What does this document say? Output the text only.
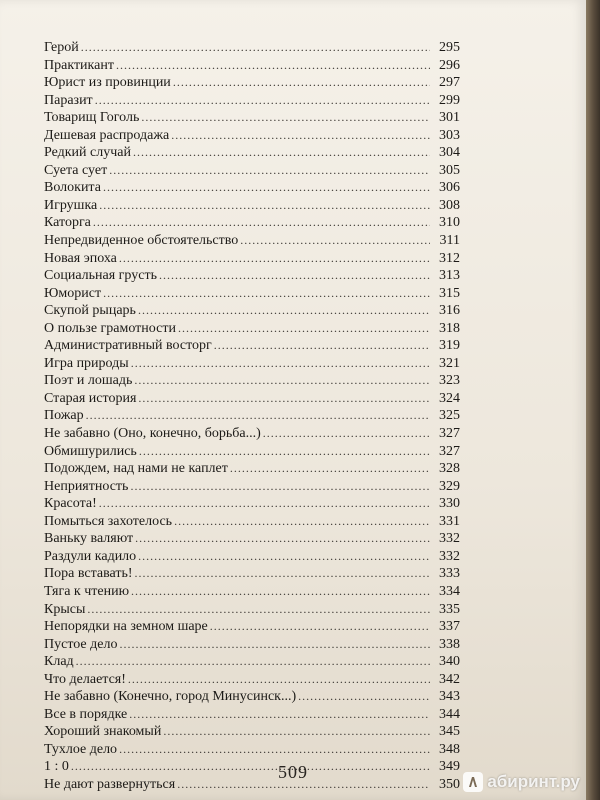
Герой .....	295
Практикант .....	296
Юрист из провинции .....	297
Паразит .....	299
Товарищ Гоголь .....	301
Дешевая распродажа .....	303
Редкий случай .....	304
Суета сует .....	305
Волокита .....	306
Игрушка .....	308
Каторга .....	310
Непредвиденное обстоятельство .....	311
Новая эпоха .....	312
Социальная грусть .....	313
Юморист .....	315
Скупой рыцарь .....	316
О пользе грамотности .....	318
Административный восторг .....	319
Игра природы .....	321
Поэт и лошадь .....	323
Старая история .....	324
Пожар .....	325
Не забавно (Оно, конечно, борьба...) .....	327
Обмишурились .....	327
Подождем, над нами не каплет .....	328
Неприятность .....	329
Красота! .....	330
Помыться захотелось .....	331
Ваньку валяют .....	332
Раздули кадило .....	332
Пора вставать! .....	333
Тяга к чтению .....	334
Крысы .....	335
Непорядки на земном шаре .....	337
Пустое дело .....	338
Клад .....	340
Что делается! .....	342
Не забавно (Конечно, город Минусинск...) .....	343
Все в порядке .....	344
Хороший знакомый .....	345
Тухлое дело .....	348
1 : 0 .....	349
Не дают развернуться .....	350
509	абиринт.ру
